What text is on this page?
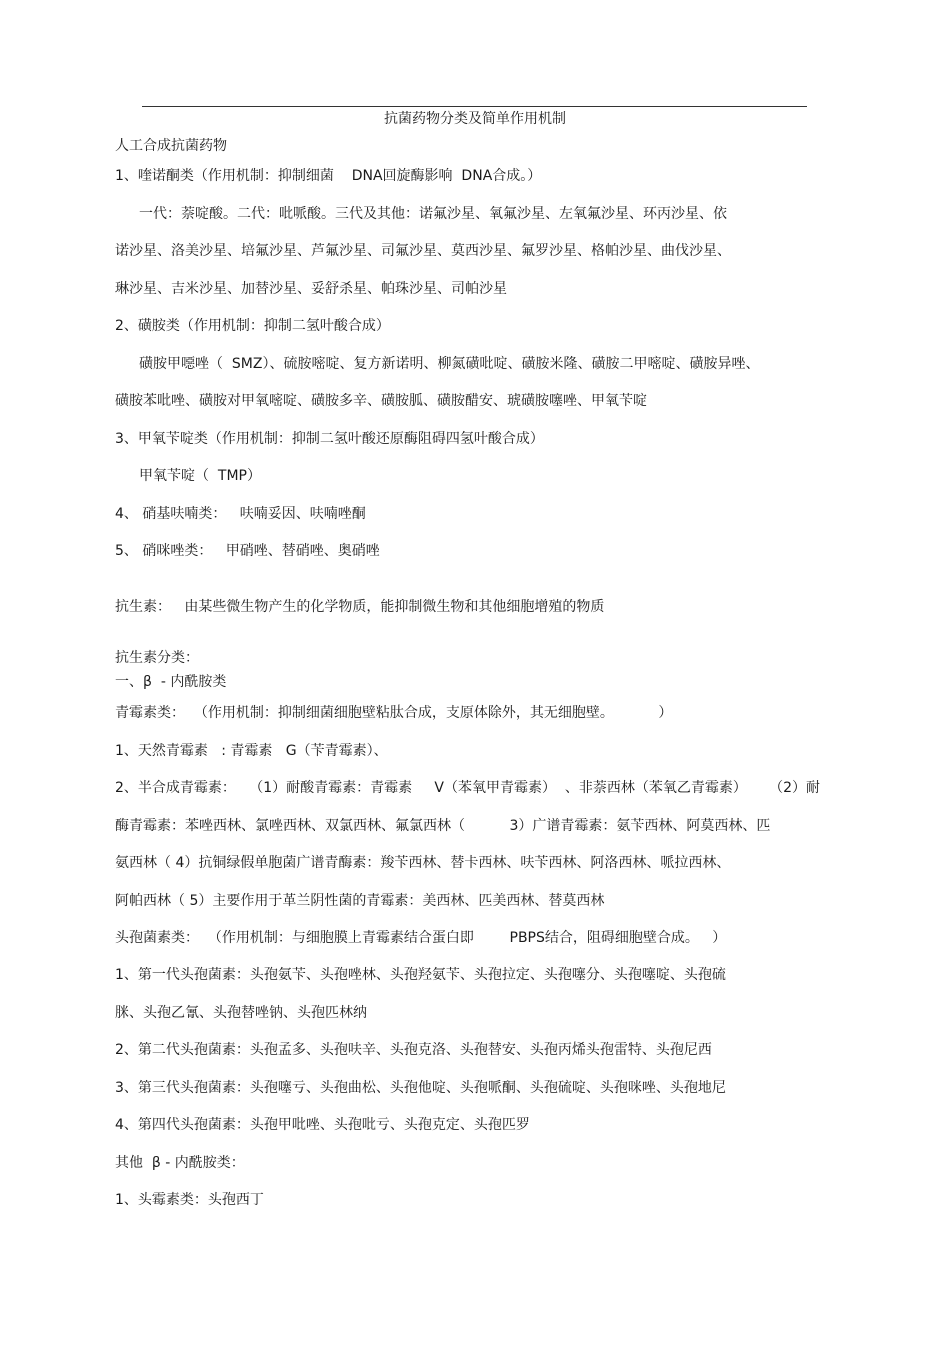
抗菌药物分类及简单作用机制
人工合成抗菌药物
1、喹诺酮类（作用机制：抑制细菌    DNA回旋酶影响  DNA合成。）
一代：萘啶酸。二代：吡哌酸。三代及其他：诺氟沙星、氧氟沙星、左氧氟沙星、环丙沙星、依
诺沙星、洛美沙星、培氟沙星、芦氟沙星、司氟沙星、莫西沙星、氟罗沙星、格帕沙星、曲伐沙星、
琳沙星、吉米沙星、加替沙星、妥舒杀星、帕珠沙星、司帕沙星
2、磺胺类（作用机制：抑制二氢叶酸合成）
磺胺甲噁唑（  SMZ）、硫胺嘧啶、复方新诺明、柳氮磺吡啶、磺胺米隆、磺胺二甲嘧啶、磺胺异唑、
磺胺苯吡唑、磺胺对甲氧嘧啶、磺胺多辛、磺胺胍、磺胺醋安、琥磺胺噻唑、甲氧苄啶
3、甲氧苄啶类（作用机制：抑制二氢叶酸还原酶阻碍四氢叶酸合成）
甲氧苄啶（  TMP）
4、 硝基呋喃类：   呋喃妥因、呋喃唑酮
5、 硝咪唑类：   甲硝唑、替硝唑、奥硝唑
抗生素：   由某些微生物产生的化学物质，能抑制微生物和其他细胞增殖的物质
抗生素分类：
一、β  - 内酰胺类
青霉素类：  （作用机制：抑制细菌细胞壁粘肽合成，支原体除外，其无细胞壁。          ）
1、天然青霉素   : 青霉素   G（苄青霉素）、
2、半合成青霉素：   （1）耐酸青霉素：青霉素     V（苯氧甲青霉素）  、非萘西林（苯氧乙青霉素）     （2）耐
酶青霉素：苯唑西林、氯唑西林、双氯西林、氟氯西林（          3）广谱青霉素：氨苄西林、阿莫西林、匹
氨西林（ 4）抗铜绿假单胞菌广谱青酶素：羧苄西林、替卡西林、呋苄西林、阿洛西林、哌拉西林、
阿帕西林（ 5）主要作用于革兰阴性菌的青霉素：美西林、匹美西林、替莫西林
头孢菌素类：  （作用机制：与细胞膜上青霉素结合蛋白即        PBPS结合，阻碍细胞壁合成。   ）
1、第一代头孢菌素：头孢氨苄、头孢唑林、头孢羟氨苄、头孢拉定、头孢噻分、头孢噻啶、头孢硫
脒、头孢乙氰、头孢替唑钠、头孢匹林纳
2、第二代头孢菌素：头孢孟多、头孢呋辛、头孢克洛、头孢替安、头孢丙烯头孢雷特、头孢尼西
3、第三代头孢菌素：头孢噻亏、头孢曲松、头孢他啶、头孢哌酮、头孢硫啶、头孢咪唑、头孢地尼
4、第四代头孢菌素：头孢甲吡唑、头孢吡亏、头孢克定、头孢匹罗
其他  β - 内酰胺类：
1、头霉素类：头孢西丁
